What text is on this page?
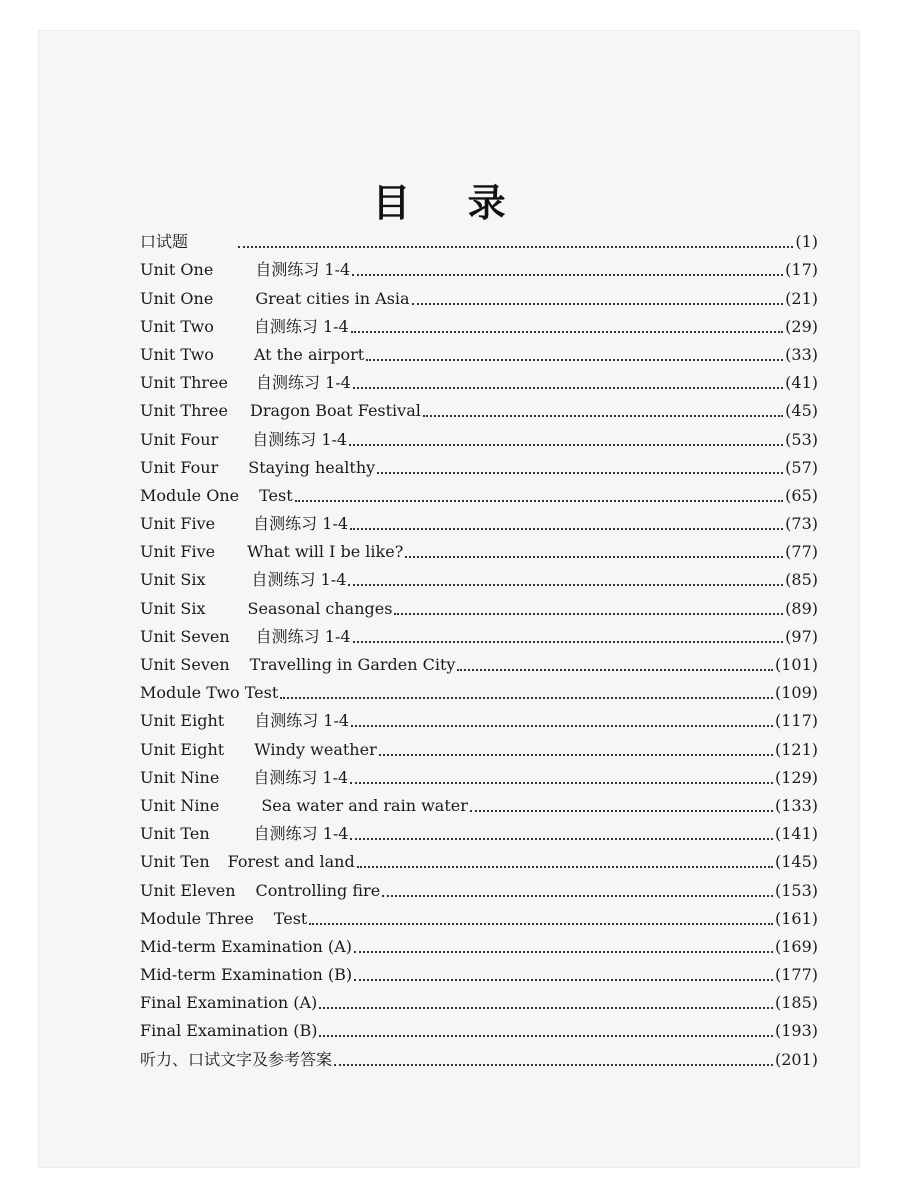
目 录
口试题	(1)
Unit One	自测练习 1-4	(17)
Unit One	Great cities in Asia	(21)
Unit Two	自测练习 1-4	(29)
Unit Two	At the airport	(33)
Unit Three 自测练习 1-4	(41)
Unit Three Dragon Boat Festival	(45)
Unit Four 自测练习 1-4	(53)
Unit Four Staying healthy	(57)
Module One Test	(65)
Unit Five 自测练习 1-4	(73)
Unit Five What will I be like?	(77)
Unit Six	自测练习 1-4	(85)
Unit Six	Seasonal changes	(89)
Unit Seven 自测练习 1-4	(97)
Unit Seven Travelling in Garden City	(101)
Module Two Test	(109)
Unit Eight 自测练习 1-4	(117)
Unit Eight Windy weather	(121)
Unit Nine 自测练习 1-4	(129)
Unit Nine	Sea water and rain water	(133)
Unit Ten	自测练习 1-4	(141)
Unit Ten Forest and land	(145)
Unit Eleven Controlling fire	(153)
Module Three Test	(161)
Mid-term Examination (A)	(169)
Mid-term Examination (B)	(177)
Final Examination (A)	(185)
Final Examination (B)	(193)
听力、口试文字及参考答案	(201)
